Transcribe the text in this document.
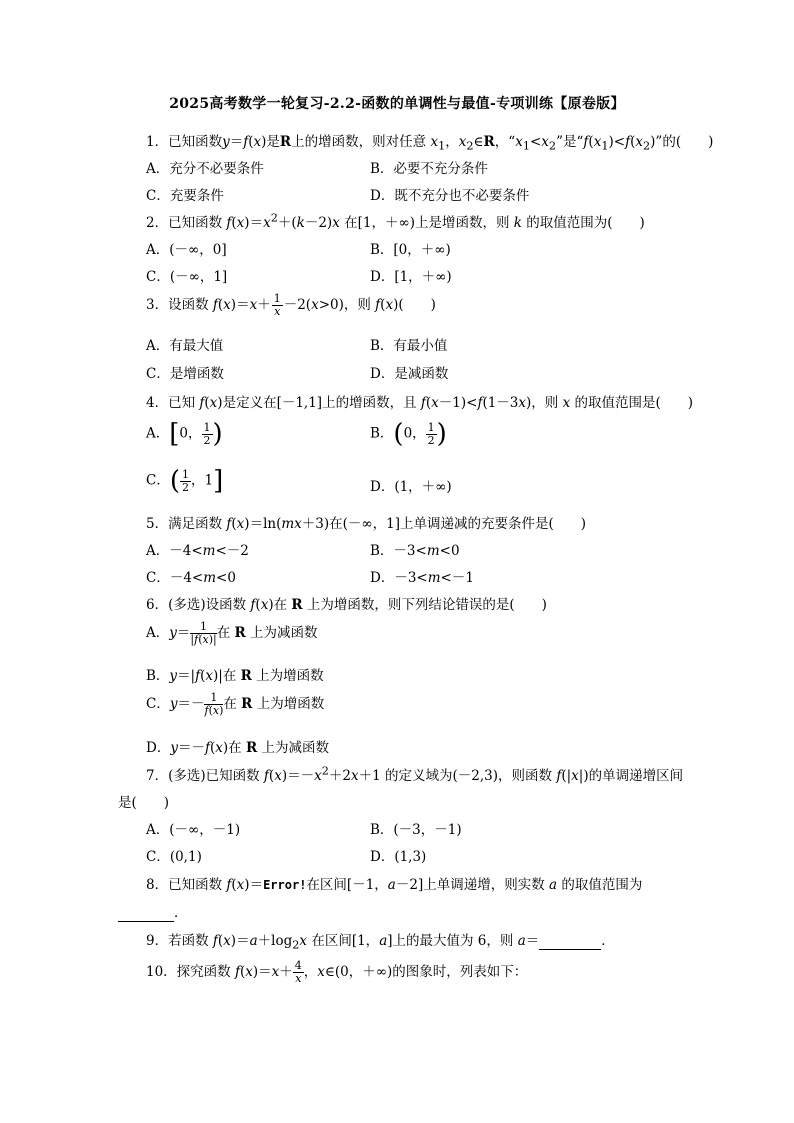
2025高考数学一轮复习-2.2-函数的单调性与最值-专项训练【原卷版】
1．已知函数y＝f(x)是R上的增函数，则对任意 $x_1$，$x_2\in R$，“$x_1<x_2$”是“$f(x_1)<f(x_2)$”的(　　)
A．充分不必要条件	B．必要不充分条件
C．充要条件	D．既不充分也不必要条件
2．已知函数 $f(x)=x^2+(k-2)x$ 在[1，＋∞)上是增函数，则 k 的取值范围为(　　)
A．(－∞，0]	B．[0，＋∞)
C．(－∞，1]	D．[1，＋∞)
3．设函数 $f(x)=x+ \frac{1}{x} -2(x>0)$，则 f(x)(　　)
A．有最大值	B．有最小值
C．是增函数	D．是减函数
4．已知 f(x)是定义在[－1,1]上的增函数，且 f(x－1)<f(1－3x)，则 x 的取值范围是(　　)
A．[0， $\frac{1}{2}$ )	B．(0， $\frac{1}{2}$ )
C．( $\frac{1}{2}$ ，1]	D．(1，＋∞)
5．满足函数 f(x)＝ln(mx＋3)在(－∞，1]上单调递减的充要条件是(　　)
A．－4<m<－2	B．－3<m<0
C．－4<m<0	D．－3<m<－1
6．(多选)设函数 f(x)在 R 上为增函数，则下列结论错误的是(　　)
A．$y= \frac{1}{|f(x)|}$ 在 R 上为减函数
B．y＝|f(x)|在 R 上为增函数
C．$y=- \frac{1}{f(x)}$ 在 R 上为增函数
D．y＝－f(x)在 R 上为减函数
7．(多选)已知函数 $f(x)=-x^2+2x+1$ 的定义域为(－2,3)，则函数 f(|x|)的单调递增区间
是(　　)
A．(－∞，－1)	B．(－3，－1)
C．(0,1)	D．(1,3)
8．已知函数 f(x)＝Error!在区间[－1，a－2]上单调递增，则实数 a 的取值范围为
．
9．若函数 $f(x)=a+\log_2x$ 在区间[1，a]上的最大值为 6，则 a＝	．
10．探究函数 $f(x)=x+ \frac{4}{x}$ ，x∈(0，＋∞)的图象时，列表如下：
